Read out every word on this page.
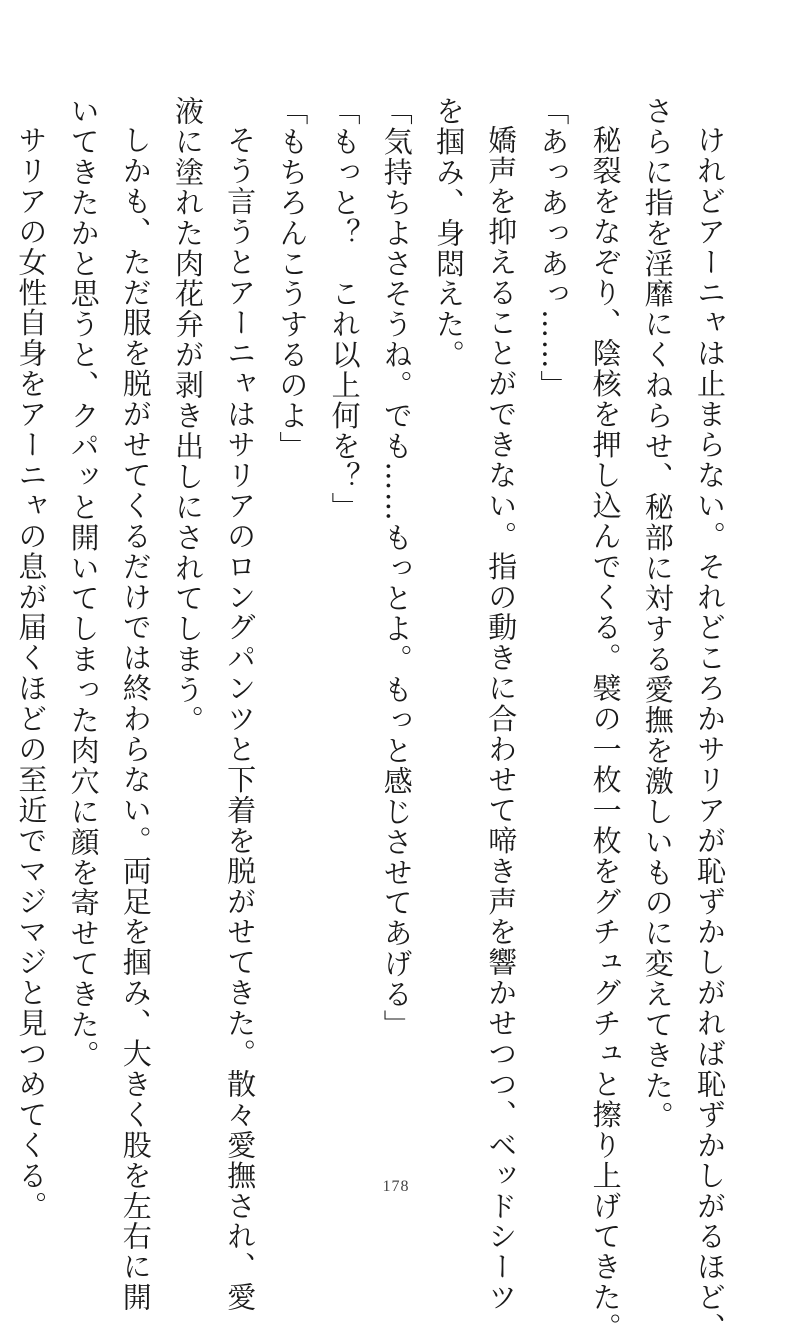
けれどアーニャは止まらない。それどころかサリアが恥ずかしがれば恥ずかしがるほど、
さらに指を淫靡にくねらせ、秘部に対する愛撫を激しいものに変えてきた。
秘裂をなぞり、陰核を押し込んでくる。襞の一枚一枚をグチュグチュと擦り上げてきた。
「あっあっあっ……」
嬌声を抑えることができない。指の動きに合わせて啼き声を響かせつつ、ベッドシーツ
を掴み、身悶えた。
「気持ちよさそうね。でも……もっとよ。もっと感じさせてあげる」
「もっと？　これ以上何を？」
「もちろんこうするのよ」
そう言うとアーニャはサリアのロングパンツと下着を脱がせてきた。散々愛撫され、愛
液に塗れた肉花弁が剥き出しにされてしまう。
しかも、ただ服を脱がせてくるだけでは終わらない。両足を掴み、大きく股を左右に開
いてきたかと思うと、クパッと開いてしまった肉穴に顔を寄せてきた。
サリアの女性自身をアーニャの息が届くほどの至近でマジマジと見つめてくる。	178
